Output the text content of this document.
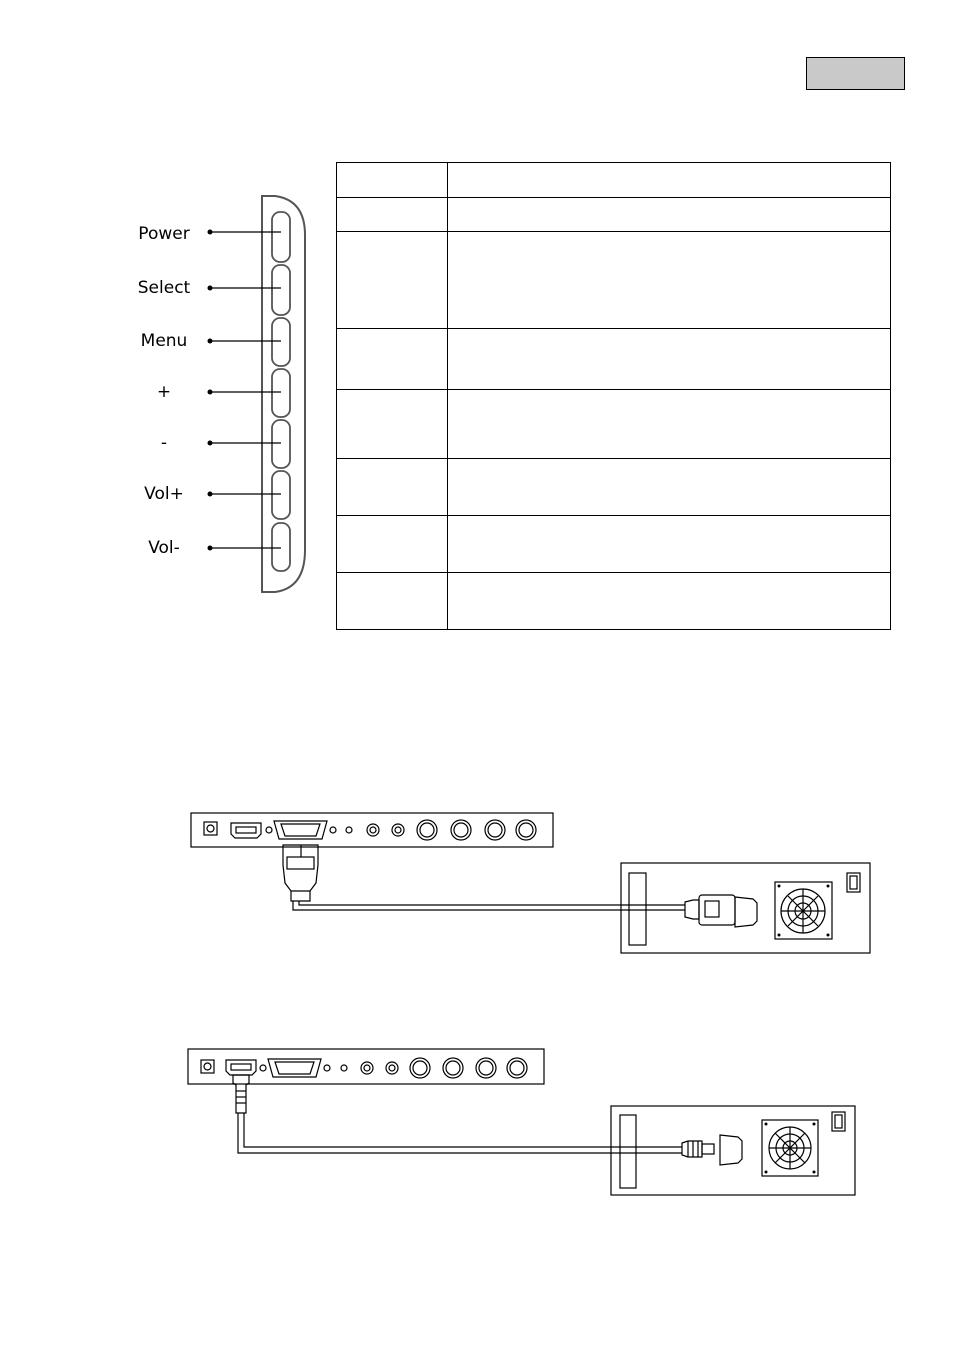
Power
Select
Menu
+
-
Vol+
Vol-
